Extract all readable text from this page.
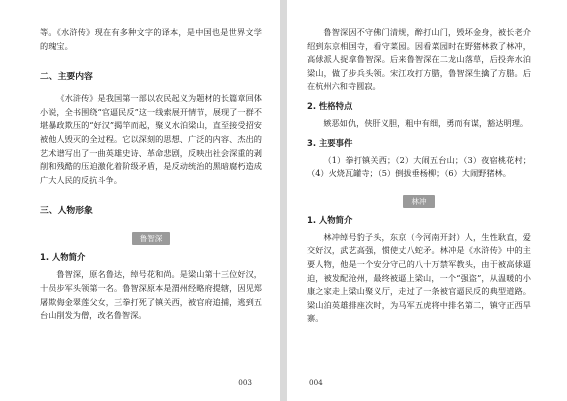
等。《水浒传》现在有多种文字的译本，是中国也是世界文学的瑰宝。

二、主要内容

《水浒传》是我国第一部以农民起义为题材的长篇章回体小说，全书围绕“官逼民反”这一线索展开情节，展现了一群不堪暴政欺压的“好汉”揭竿而起，聚义水泊梁山，直至接受招安被他人毁灭的全过程。它以深刻的思想、广泛的内容、杰出的艺术谱写出了一曲英雄史诗、革命悲剧，反映出社会深重的剥削和残酷的压迫激化着阶级矛盾，是反动统治的黑暗腐朽造成广大人民的反抗斗争。

三、人物形象
鲁智深
1. 人物简介

鲁智深，原名鲁达，绰号花和尚。是梁山第十三位好汉，十员步军头领第一名。鲁智深原本是渭州经略府提辖，因见郑屠欺侮金翠莲父女，三拳打死了镇关西，被官府追捕，逃到五台山削发为僧，改名鲁智深。

003

鲁智深因不守佛门清规，醉打山门，毁坏金身，被长老介绍到东京相国寺，看守菜园。因看菜园时在野猪林救了林冲，高俅派人捉拿鲁智深。后来鲁智深在二龙山落草，后投奔水泊梁山，做了步兵头领。宋江攻打方腊，鲁智深生擒了方腊。后在杭州六和寺圆寂。

2. 性格特点

嫉恶如仇，侠肝义胆，粗中有细，勇而有谋，豁达明理。

3. 主要事件

（1）拳打镇关西；（2）大闹五台山；（3）夜宿桃花村；（4）火烧瓦罐寺；（5）倒拔垂杨柳；（6）大闹野猪林。

林冲
1. 人物简介

林冲绰号豹子头，东京（今河南开封）人，生性耿直，爱交好汉，武艺高强，惯使丈八蛇矛。林冲是《水浒传》中的主要人物，他是一个安分守己的八十万禁军教头，由于被高俅逼迫，被发配沧州，最终被逼上梁山，一个“强盗”，从温暖的小康之家走上梁山聚义厅，走过了一条被官逼民反的典型道路。梁山泊英雄排座次时，为马军五虎将中排名第二，镇守正西旱寨。

004
